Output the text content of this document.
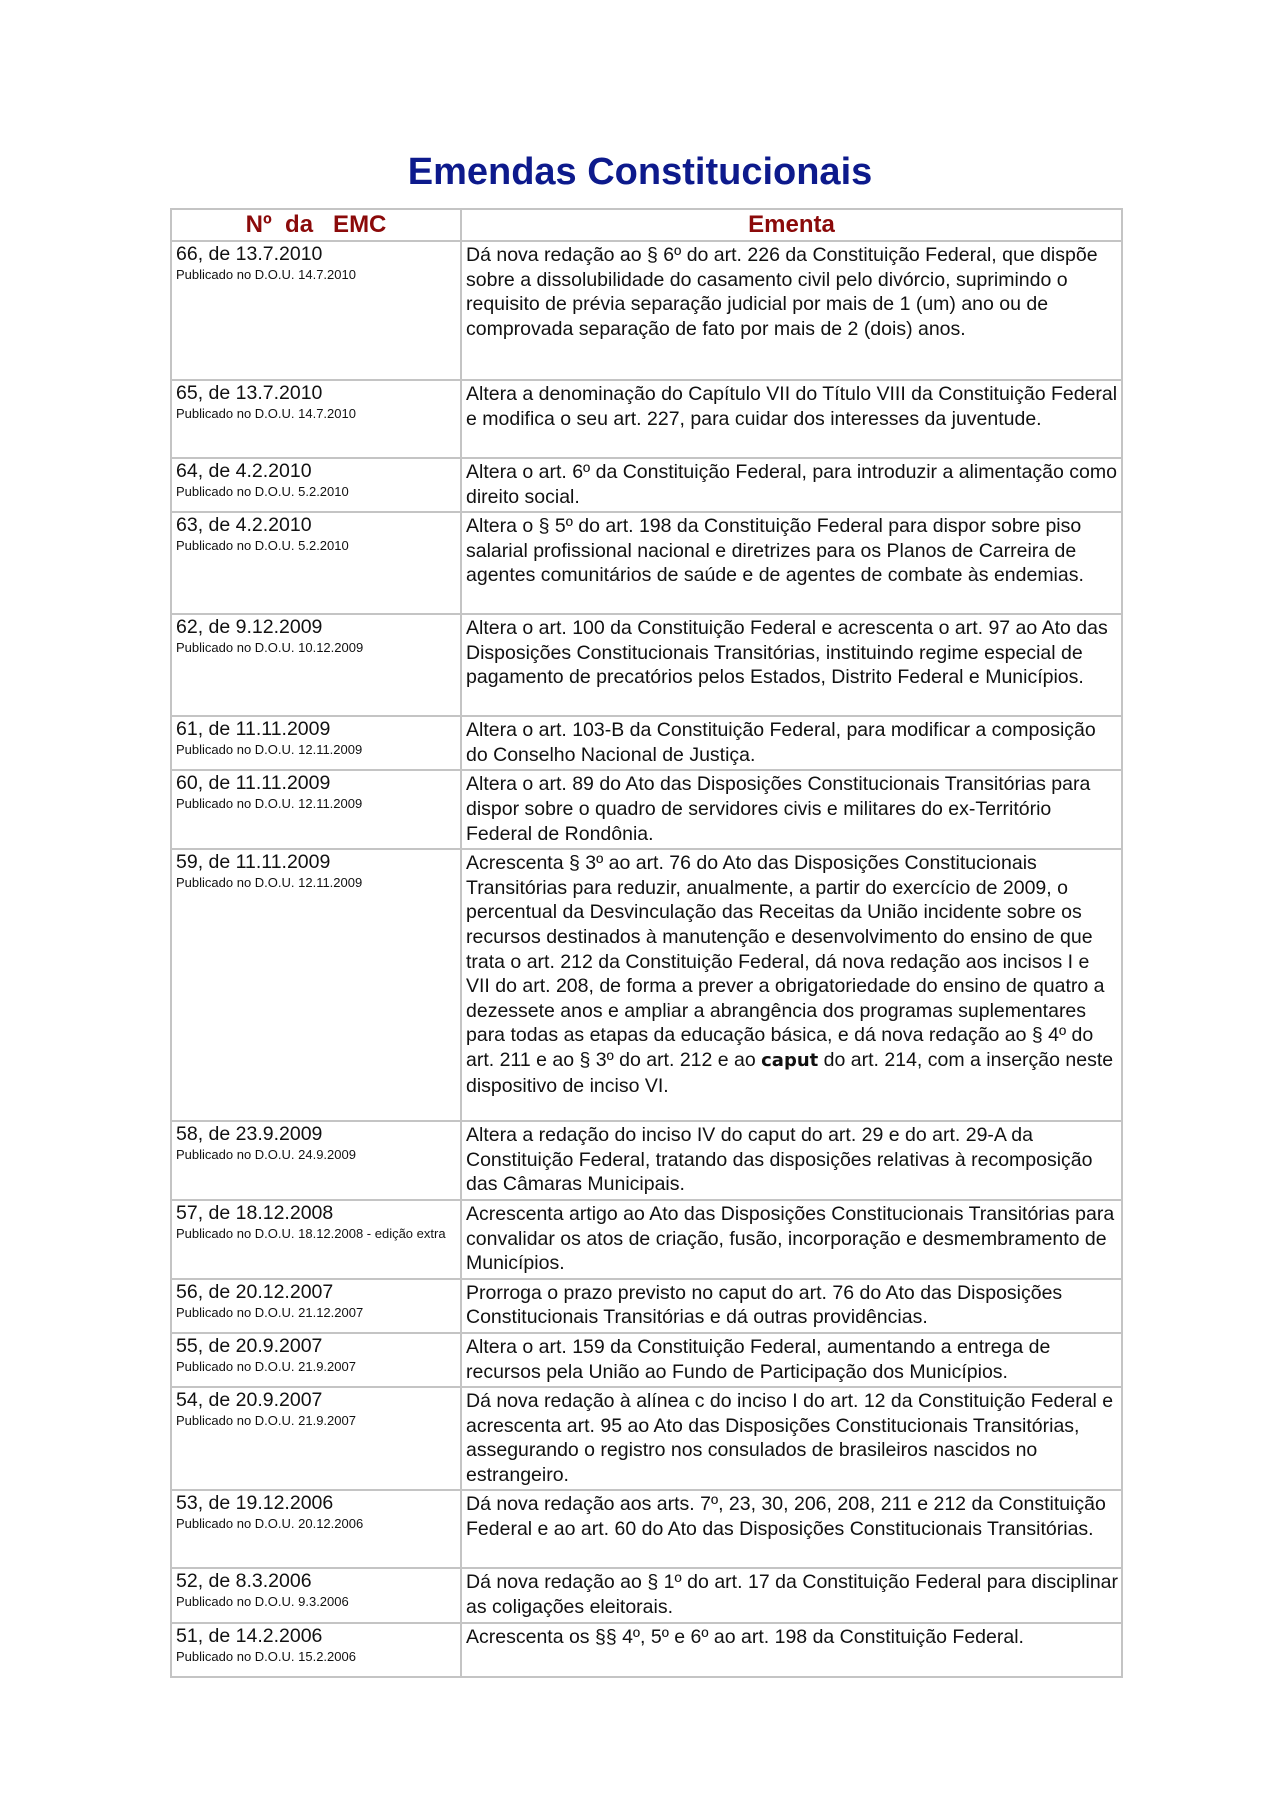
Emendas Constitucionais
Nº  da   EMC	Ementa

66, de 13.7.2010
Publicado no D.O.U. 14.7.2010	Dá nova redação ao § 6º do art. 226 da Constituição Federal, que dispõe sobre a dissolubilidade do casamento civil pelo divórcio, suprimindo o requisito de prévia separação judicial por mais de 1 (um) ano ou de comprovada separação de fato por mais de 2 (dois) anos.

65, de 13.7.2010
Publicado no D.O.U. 14.7.2010	Altera a denominação do Capítulo VII do Título VIII da Constituição Federal e modifica o seu art. 227, para cuidar dos interesses da juventude.

64, de 4.2.2010
Publicado no D.O.U. 5.2.2010	Altera o art. 6º da Constituição Federal, para introduzir a alimentação como direito social.

63, de 4.2.2010
Publicado no D.O.U. 5.2.2010	Altera o § 5º do art. 198 da Constituição Federal para dispor sobre piso salarial profissional nacional e diretrizes para os Planos de Carreira de agentes comunitários de saúde e de agentes de combate às endemias.

62, de 9.12.2009
Publicado no D.O.U. 10.12.2009	Altera o art. 100 da Constituição Federal e acrescenta o art. 97 ao Ato das Disposições Constitucionais Transitórias, instituindo regime especial de pagamento de precatórios pelos Estados, Distrito Federal e Municípios.

61, de 11.11.2009
Publicado no D.O.U. 12.11.2009	Altera o art. 103-B da Constituição Federal, para modificar a composição do Conselho Nacional de Justiça.

60, de 11.11.2009
Publicado no D.O.U. 12.11.2009	Altera o art. 89 do Ato das Disposições Constitucionais Transitórias para dispor sobre o quadro de servidores civis e militares do ex-Território Federal de Rondônia.

59, de 11.11.2009
Publicado no D.O.U. 12.11.2009	Acrescenta § 3º ao art. 76 do Ato das Disposições Constitucionais Transitórias para reduzir, anualmente, a partir do exercício de 2009, o percentual da Desvinculação das Receitas da União incidente sobre os recursos destinados à manutenção e desenvolvimento do ensino de que trata o art. 212 da Constituição Federal, dá nova redação aos incisos I e VII do art. 208, de forma a prever a obrigatoriedade do ensino de quatro a dezessete anos e ampliar a abrangência dos programas suplementares para todas as etapas da educação básica, e dá nova redação ao § 4º do art. 211 e ao § 3º do art. 212 e ao caput do art. 214, com a inserção neste dispositivo de inciso VI.

58, de 23.9.2009
Publicado no D.O.U. 24.9.2009	Altera a redação do inciso IV do caput do art. 29 e do art. 29-A da Constituição Federal, tratando das disposições relativas à recomposição das Câmaras Municipais.

57, de 18.12.2008
Publicado no D.O.U. 18.12.2008 - edição extra	Acrescenta artigo ao Ato das Disposições Constitucionais Transitórias para convalidar os atos de criação, fusão, incorporação e desmembramento de Municípios.

56, de 20.12.2007
Publicado no D.O.U. 21.12.2007	Prorroga o prazo previsto no caput do art. 76 do Ato das Disposições Constitucionais Transitórias e dá outras providências.

55, de 20.9.2007
Publicado no D.O.U. 21.9.2007	Altera o art. 159 da Constituição Federal, aumentando a entrega de recursos pela União ao Fundo de Participação dos Municípios.

54, de 20.9.2007
Publicado no D.O.U. 21.9.2007	Dá nova redação à alínea c do inciso I do art. 12 da Constituição Federal e acrescenta art. 95 ao Ato das Disposições Constitucionais Transitórias, assegurando o registro nos consulados de brasileiros nascidos no estrangeiro.

53, de 19.12.2006
Publicado no D.O.U. 20.12.2006	Dá nova redação aos arts. 7º, 23, 30, 206, 208, 211 e 212 da Constituição Federal e ao art. 60 do Ato das Disposições Constitucionais Transitórias.

52, de 8.3.2006
Publicado no D.O.U. 9.3.2006	Dá nova redação ao § 1º do art. 17 da Constituição Federal para disciplinar as coligações eleitorais.

51, de 14.2.2006
Publicado no D.O.U. 15.2.2006	Acrescenta os §§ 4º, 5º e 6º ao art. 198 da Constituição Federal.
